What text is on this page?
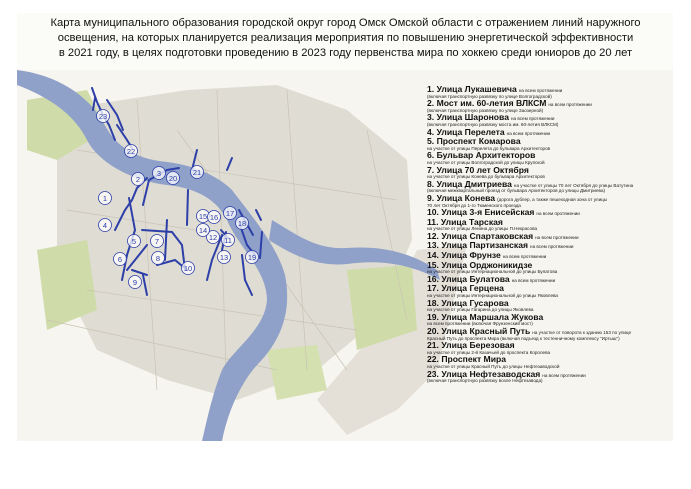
Карта муниципального образования городской округ город Омск Омской области с отражением линий наружного
освещения, на которых планируется реализация мероприятия по повышению энергетической эффективности
в 2021 году, в целях подготовки проведению в 2023 году первенства мира по хоккею среди юниоров до 20 лет
1
2
3
4
5
6
7
8
9
10
11
12
13
14
15 16 17
18
19
20
21
22
23
1. Улица Лукашевича на всем протяжении
(включая транспортную развязку по улице Волгоградской)
2. Мост им. 60-летия ВЛКСМ на всем протяжении
(включая транспортную развязку по улице Заозерной)
3. Улица Шаронова на всем протяжении
(включая транспортную развязку моста им. 60-летия ВЛКСМ)
4. Улица Перелета на всем протяжении
5. Проспект Комарова
на участке от улицы Перелета до бульвара Архитекторов
6. Бульвар Архитекторов
на участке от улицы Волгоградской до улицы Крупской
7. Улица 70 лет Октября
на участке от улицы Конева до бульвара Архитекторов
8. Улица Дмитриева на участке от улицы 70 лет Октября до улицы Ватутина
(включая межквартальный проезд от бульвара Архитекторов до улицы Дмитриева)
9. Улица Конева (дорога дублер, а также пешеходная зона от улицы
70 лет Октября до 1-го Тюменского проезда
10. Улица 3-я Енисейская на всем протяжении
11. Улица Тарская
на участке от улицы Ленина до улицы П.Некрасова
12. Улица Спартаковская на всем протяжении
13. Улица Партизанская на всем протяжении
14. Улица Фрунзе на всем протяжении
15. Улица Орджоникидзе
на участке от улицы Интернациональной до улицы Булатова
16. Улица Булатова на всем протяжении
17. Улица Герцена
на участке от улицы Интернациональной до улицы Яковлева
18. Улица Гусарова
на участке от улицы Гагарина до улицы Яковлева
19. Улица Маршала Жукова
на всем протяжении (включая Фрунзенский мост)
20. Улица Красный Путь на участке от поворота к зданию 153 по улице
Красный Путь до проспекта Мира (включая подъезд к тестенничному комплексу "Иртыш")
21. Улица Березовая
на участке от улицы 2-й Казачьей до проспекта Королева
22. Проспект Мира
на участке от улицы Красный Путь до улицы Нефтезаводской
23. Улица Нефтезаводская на всем протяжении
(включая транспортную развязку возле Нефтезавода)
